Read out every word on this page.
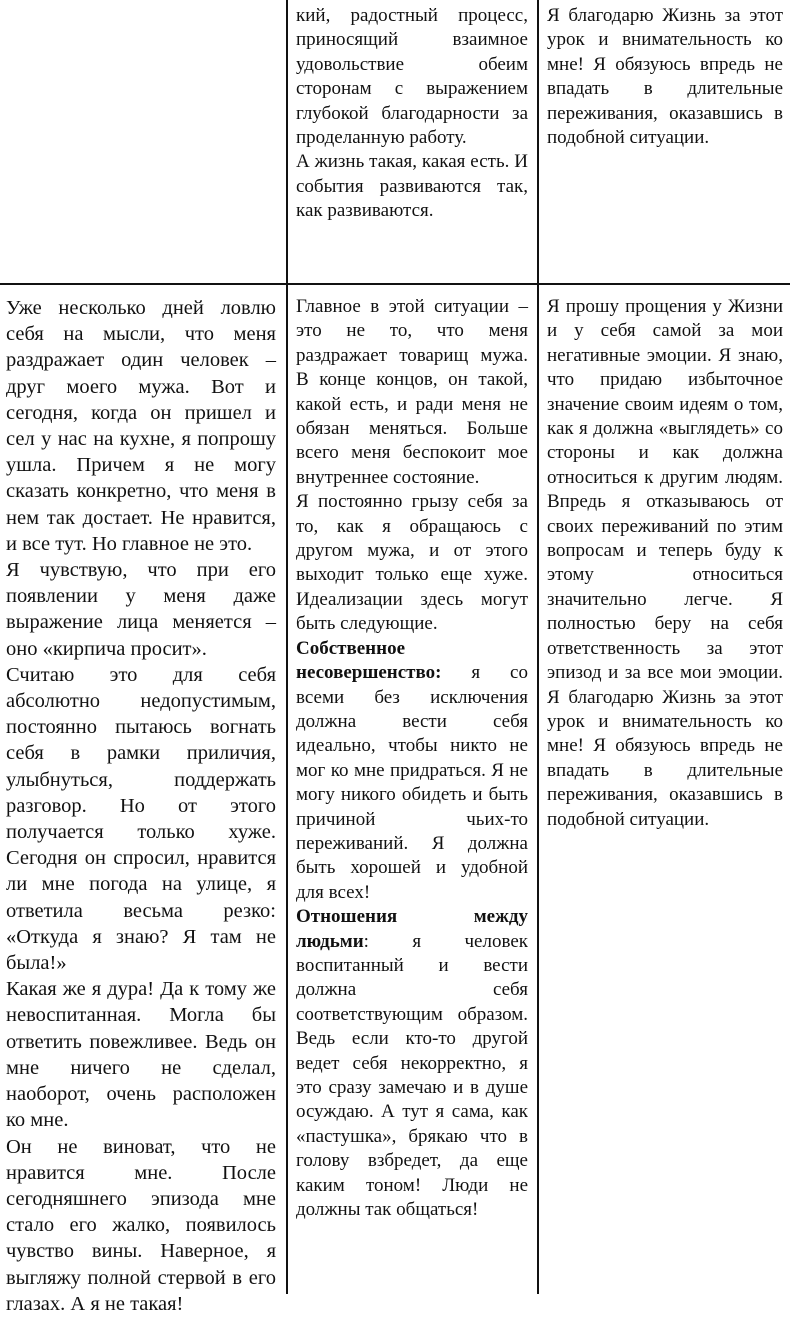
кий, радостный процесс, приносящий взаимное удовольствие обеим сторонам с выражением глубокой благодарности за проделанную работу.

А жизнь такая, какая есть. И события развиваются так, как развиваются.

Я благодарю Жизнь за этот урок и внимательность ко мне! Я обязуюсь впредь не впадать в длительные переживания, оказавшись в подобной ситуации.

Уже несколько дней ловлю себя на мысли, что меня раздражает один человек – друг моего мужа. Вот и сегодня, когда он пришел и сел у нас на кухне, я попрошу ушла. Причем я не могу сказать конкретно, что меня в нем так достает. Не нравится, и все тут. Но главное не это.

Я чувствую, что при его появлении у меня даже выражение лица меняется – оно «кирпича просит».

Считаю это для себя абсолютно недопустимым, постоянно пытаюсь вогнать себя в рамки приличия, улыбнуться, поддержать разговор. Но от этого получается только хуже. Сегодня он спросил, нравится ли мне погода на улице, я ответила весьма резко: «Откуда я знаю? Я там не была!»

Какая же я дура! Да к тому же невоспитанная. Могла бы ответить повежливее. Ведь он мне ничего не сделал, наоборот, очень расположен ко мне.

Он не виноват, что не нравится мне. После сегодняшнего эпизода мне стало его жалко, появилось чувство вины. Наверное, я выгляжу полной стервой в его глазах. А я не такая!

Главное в этой ситуации – это не то, что меня раздражает товарищ мужа. В конце концов, он такой, какой есть, и ради меня не обязан меняться. Больше всего меня беспокоит мое внутреннее состояние.

Я постоянно грызу себя за то, как я обращаюсь с другом мужа, и от этого выходит только еще хуже. Идеализации здесь могут быть следующие.

Собственное несовершенство: я со всеми без исключения должна вести себя идеально, чтобы никто не мог ко мне придраться. Я не могу никого обидеть и быть причиной чьих-то переживаний. Я должна быть хорошей и удобной для всех!

Отношения между людьми: я человек воспитанный и вести должна себя соответствующим образом. Ведь если кто-то другой ведет себя некорректно, я это сразу замечаю и в душе осуждаю. А тут я сама, как «пастушка», брякаю что в голову взбредет, да еще каким тоном! Люди не должны так общаться!

Я прошу прощения у Жизни и у себя самой за мои негативные эмоции. Я знаю, что придаю избыточное значение своим идеям о том, как я должна «выглядеть» со стороны и как должна относиться к другим людям. Впредь я отказываюсь от своих переживаний по этим вопросам и теперь буду к этому относиться значительно легче. Я полностью беру на себя ответственность за этот эпизод и за все мои эмоции. Я благодарю Жизнь за этот урок и внимательность ко мне! Я обязуюсь впредь не впадать в длительные переживания, оказавшись в подобной ситуации.
